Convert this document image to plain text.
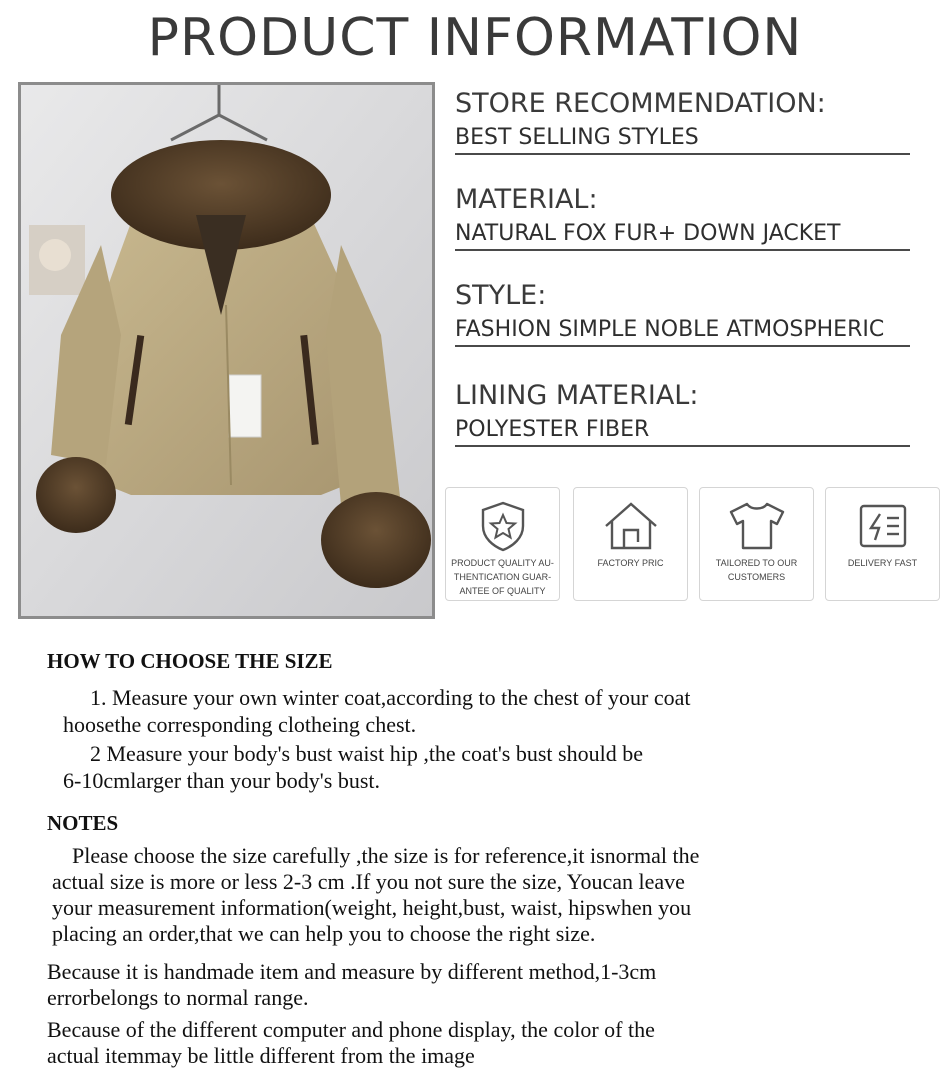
PRODUCT INFORMATION
STORE RECOMMENDATION:
BEST SELLING STYLES
MATERIAL:
NATURAL FOX FUR+ DOWN JACKET
STYLE:
FASHION SIMPLE NOBLE ATMOSPHERIC
LINING MATERIAL:
POLYESTER FIBER
PRODUCT QUALITY AU-
THENTICATION GUAR-
ANTEE OF QUALITY
FACTORY PRIC	TAILORED TO OUR
CUSTOMERS
DELIVERY FAST
HOW TO CHOOSE THE SIZE
1. Measure your own winter coat,according to the chest of your coat
hoosethe corresponding clotheing chest.
2 Measure your body's bust waist hip ,the coat's bust should be
6-10cmlarger than your body's bust.
NOTES
Please choose the size carefully ,the size is for reference,it isnormal the
actual size is more or less 2-3 cm .If you not sure the size, Youcan leave
your measurement information(weight, height,bust, waist, hipswhen you
placing an order,that we can help you to choose the right size.
Because it is handmade item and measure by different method,1-3cm
errorbelongs to normal range.
Because of the different computer and phone display, the color of the
actual itemmay be little different from the image
